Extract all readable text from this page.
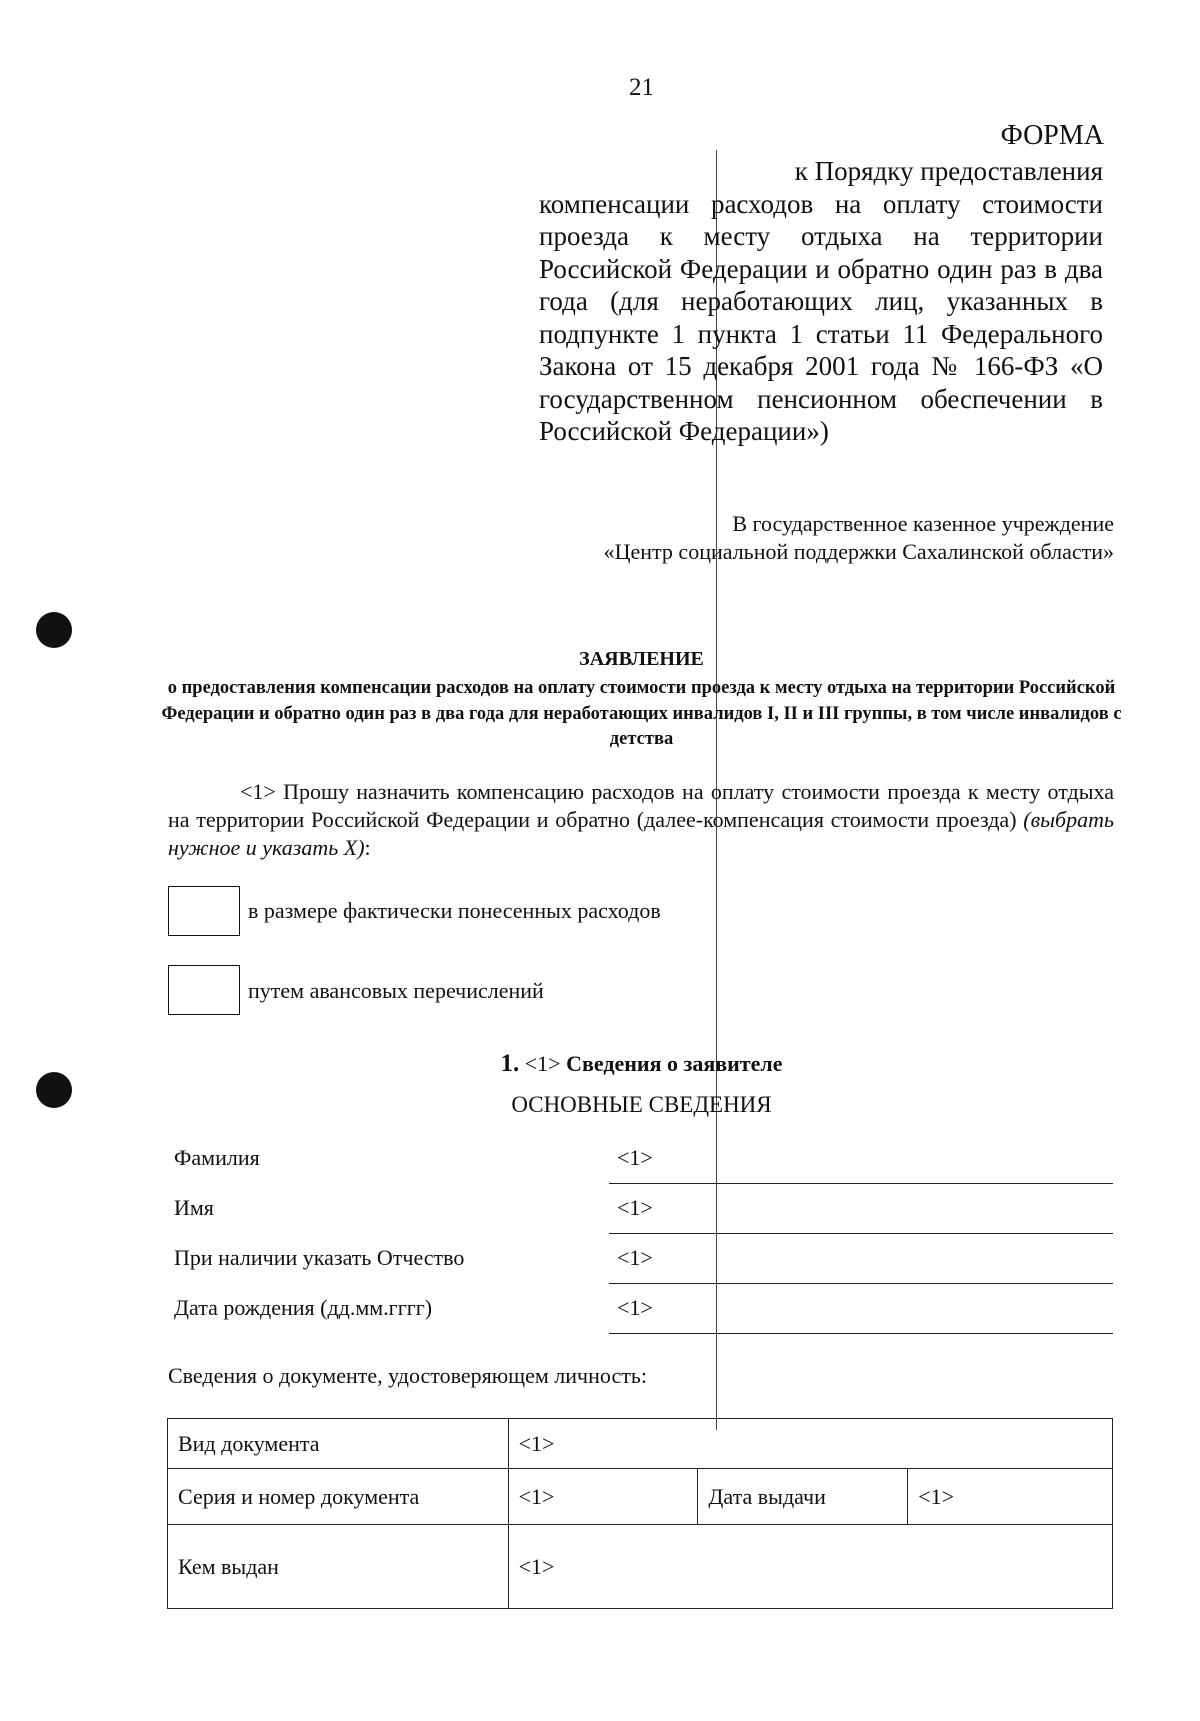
21
ФОРМА
к Порядку предоставления
компенсации расходов на оплату стоимости проезда к месту отдыха на территории Российской Федерации и обратно один раз в два года (для неработающих лиц, указанных в подпункте 1 пункта 1 статьи 11 Федерального Закона от 15 декабря 2001 года № 166-ФЗ «О государственном пенсионном обеспечении в Российской Федерации»)
В государственное казенное учреждение
«Центр социальной поддержки Сахалинской области»
ЗАЯВЛЕНИЕ
о предоставления компенсации расходов на оплату стоимости проезда к месту отдыха на территории Российской Федерации и обратно один раз в два года для неработающих инвалидов I, II и III группы, в том числе инвалидов с детства
<1> Прошу назначить компенсацию расходов на оплату стоимости проезда к месту отдыха на территории Российской Федерации и обратно (далее-компенсация стоимости проезда) (выбрать нужное и указать X):
в размере фактически понесенных расходов
путем авансовых перечислений
1. <1> Сведения о заявителе
ОСНОВНЫЕ СВЕДЕНИЯ
Фамилия	<1>
Имя	<1>
При наличии указать Отчество	<1>
Дата рождения (дд.мм.гггг)	<1>
Сведения о документе, удостоверяющем личность:
Вид документа	<1>		
Серия и номер документа	<1>	Дата выдачи	<1>
Кем выдан	<1>		
